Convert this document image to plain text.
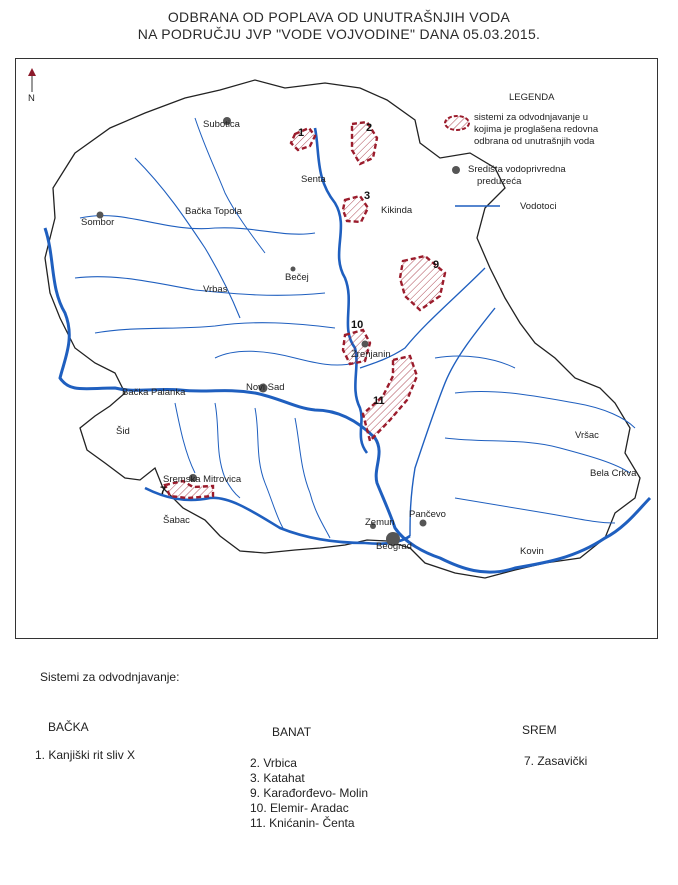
ODBRANA OD POPLAVA OD UNUTRAŠNJIH VODA
NA PODRUČJU JVP "VODE VOJVODINE" DANA 05.03.2015.
N
1	2
3
9
10
11
7
Subotica
Senta
Kikinda
Sombor
Bačka Topola
Bečej
Vrbas
Zrenjanin
Novi Sad
Bačka Palanka
Šid
Sremska Mitrovica
Šabac	Zemun
Pančevo
Beograd
Vršac
Bela Crkva
Kovin
LEGENDA
sistemi za odvodnjavanje u
kojima je proglašena redovna
odbrana od unutrašnjih voda
Središta vodoprivredna
preduzeća
Vodotoci
Sistemi za odvodnjavanje:
BAČKA
1. Kanjiški rit sliv X
BANAT
2. Vrbica
3. Katahat
9. Karađorđevo- Molin
10. Elemir- Aradac
11. Knićanin- Čenta
SREM
7. Zasavički
